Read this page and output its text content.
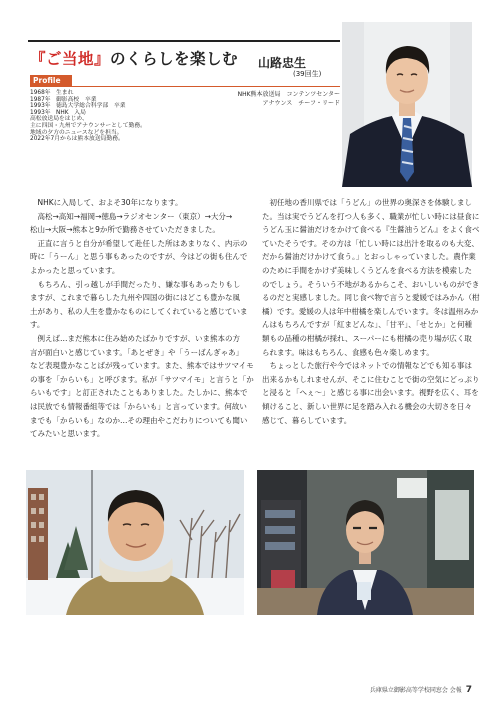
『ご当地』のくらしを楽しむ 山路忠生
(39回生)
Profile
NHK熊本放送局　コンテンツセンター
アナウンス　チーフ・リード
1968年 生まれ
1987年 御影高校　卒業
1993年 徳島大学総合科学部　卒業
1993年 NHK　入局
高松放送局をはじめ、
主に四国・九州でアナウンサーとして勤務。
地域の夕方のニュースなどを担当。
2022年7月からは熊本放送局勤務。
　NHKに入局して、およそ30年になります。
　高松→高知→福岡→徳島→ラジオセンター（東京）→大分→
松山→大阪→熊本と9か所で勤務させていただきました。
　正直に言うと自分が希望して赴任した所はあまりなく、内示の
時に「うーん」と思う事もあったのですが、今はどの街も住んで
よかったと思っています。
　もちろん、引っ越しが手間だったり、嫌な事もあったりもし
ますが、これまで暮らした九州や四国の街にはどこも豊かな風
土があり、私の人生を豊かなものにしてくれていると感じていま
す。
　例えば…まだ熊本に住み始めたばかりですが、いま熊本の方
言が面白いと感じています。「あとぜき」や「うーばんぎゃあ」
など表現豊かなことばが残っています。また、熊本ではサツマイモ
の事を「からいも」と呼びます。私が「サツマイモ」と言うと「か
らいもです」と訂正されたこともありました。たしかに、熊本で
は民放でも情報番組等では「からいも」と言っています。何故い
までも「からいも」なのか…その理由やこだわりについても聞い
てみたいと思います。
　初任地の香川県では「うどん」の世界の奥深さを体験しまし
た。当は実でうどんを打つ人も多く、職業が忙しい時には昼食に
うどん玉に醤油だけをかけて食べる『生醤油うどん』をよく食べ
ていたそうです。その方は「忙しい時には出汁を取るのも大変、
だから醤油だけかけて食う。」とおっしゃっていました。農作業
のために手間をかけず美味しくうどんを食べる方法を模索した
のでしょう。そういう不地があるからこそ、おいしいものができ
るのだと実感しました。同じ食べ物で言うと愛媛ではみかん（柑
橘）です。愛媛の人は年中柑橘を楽しんでいます。冬は温州みか
んはもちろんですが「紅まどんな」、「甘平」、「せとか」と何種
類もの品種の柑橘が採れ、スーパーにも柑橘の売り場が広く取
られます。味はもちろん、食感も色々楽しめます。
　ちょっとした旅行や今ではネットでの情報などでも知る事は
出来るかもしれませんが、そこに住むことで街の空気にどっぷり
と浸ると「へぇ～」と感じる事に出会います。視野を広く、耳を
傾けること、新しい世界に足を踏み入れる機会の大切さを日々
感じて、暮らしています。
兵庫県立御影高等学校同窓会 会報 7
